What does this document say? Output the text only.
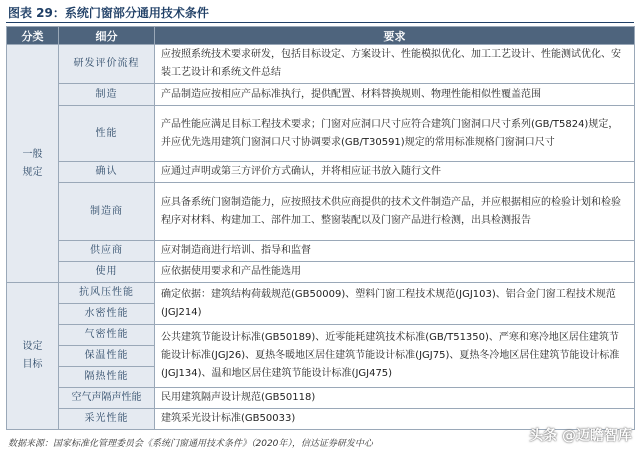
图表 29：系统门窗部分通用技术条件
分类	细分	要求
一般规定	研发评价流程	应按照系统技术要求研发，包括目标设定、方案设计、性能模拟优化、加工工艺设计、性能测试优化、安装工艺设计和系统文件总结
	制造	产品制造应按相应产品标准执行，提供配置、材料替换规则、物理性能相似性覆盖范围
	性能	产品性能应满足目标工程技术要求；门窗对应洞口尺寸应符合建筑门窗洞口尺寸系列(GB/T5824)规定，并应优先选用建筑门窗洞口尺寸协调要求(GB/T30591)规定的常用标准规格门窗洞口尺寸
	确认	应通过声明或第三方评价方式确认，并将相应证书放入随行文件
	制造商	应具备系统门窗制造能力，应按照技术供应商提供的技术文件制造产品，并应根据相应的检验计划和检验程序对材料、构建加工、部件加工、整窗装配以及门窗产品进行检测，出具检测报告
	供应商	应对制造商进行培训、指导和监督
	使用	应依据使用要求和产品性能选用
设定目标	抗风压性能	确定依据：建筑结构荷载规范(GB50009)、塑料门窗工程技术规范(JGJ103)、铝合金门窗工程技术规范(JGJ214)
	水密性能	
	气密性能	公共建筑节能设计标准(GB50189)、近零能耗建筑技术标准(GB/T51350)、严寒和寒冷地区居住建筑节能设计标准(JGJ26)、夏热冬暖地区居住建筑节能设计标准(JGJ75)、夏热冬冷地区居住建筑节能设计标准(JGJ134)、温和地区居住建筑节能设计标准(JGJ475)
	保温性能	
	隔热性能	
	空气声隔声性能	民用建筑隔声设计规范(GB50118)
	采光性能	建筑采光设计标准(GB50033)
数据来源：国家标准化管理委员会《系统门窗通用技术条件》（2020年），信达证券研发中心	头条 @迈瞻智库
